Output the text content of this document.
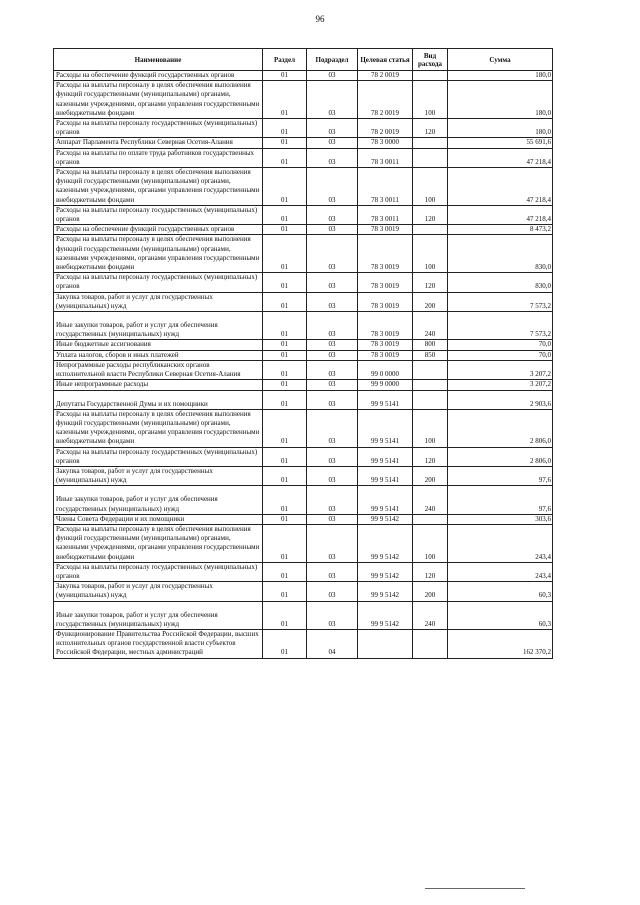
96
Наименование	Раздел	Подраздел	Целевая статья	Вид расхода	Сумма
Расходы на обеспечение функций государственных органов	01	03	78 2 0019		180,0
Расходы на выплаты персоналу в целях обеспечения выполнения функций государственными (муниципальными) органами, казенными учреждениями, органами управления государственными внебюджетными фондами	01	03	78 2 0019	100	180,0
Расходы на выплаты персоналу государственных (муниципальных) органов	01	03	78 2 0019	120	180,0
Аппарат Парламента Республики Северная Осетия-Алания	01	03	78 3 0000		55 691,6
Расходы на выплаты по оплате труда работников государственных органов	01	03	78 3 0011		47 218,4
Расходы на выплаты персоналу в целях обеспечения выполнения функций государственными (муниципальными) органами, казенными учреждениями, органами управления государственными внебюджетными фондами	01	03	78 3 0011	100	47 218,4
Расходы на выплаты персоналу государственных (муниципальных) органов	01	03	78 3 0011	120	47 218,4
Расходы на обеспечение функций государственных органов	01	03	78 3 0019		8 473,2
Расходы на выплаты персоналу в целях обеспечения выполнения функций государственными (муниципальными) органами, казенными учреждениями, органами управления государственными внебюджетными фондами	01	03	78 3 0019	100	830,0
Расходы на выплаты персоналу государственных (муниципальных) органов	01	03	78 3 0019	120	830,0
Закупка товаров, работ и услуг для государственных (муниципальных) нужд	01	03	78 3 0019	200	7 573,2
Иные закупки товаров, работ и услуг для обеспечения государственных (муниципальных) нужд	01	03	78 3 0019	240	7 573,2
Иные бюджетные ассигнования	01	03	78 3 0019	800	70,0
Уплата налогов, сборов и иных платежей	01	03	78 3 0019	850	70,0
Непрограммные расходы республиканских органов исполнительной власти Республики Северная Осетия-Алания	01	03	99 0 0000		3 207,2
Иные непрограммные расходы	01	03	99 9 0000		3 207,2
Депутаты Государственной Думы и их помощники	01	03	99 9 5141		2 903,6
Расходы на выплаты персоналу в целях обеспечения выполнения функций государственными (муниципальными) органами, казенными учреждениями, органами управления государственными внебюджетными фондами	01	03	99 9 5141	100	2 806,0
Расходы на выплаты персоналу государственных (муниципальных) органов	01	03	99 9 5141	120	2 806,0
Закупка товаров, работ и услуг для государственных (муниципальных) нужд	01	03	99 9 5141	200	97,6
Иные закупки товаров, работ и услуг для обеспечения государственных (муниципальных) нужд	01	03	99 9 5141	240	97,6
Члены Совета Федерации и их помощники	01	03	99 9 5142		303,6
Расходы на выплаты персоналу в целях обеспечения выполнения функций государственными (муниципальными) органами, казенными учреждениями, органами управления государственными внебюджетными фондами	01	03	99 9 5142	100	243,4
Расходы на выплаты персоналу государственных (муниципальных) органов	01	03	99 9 5142	120	243,4
Закупка товаров, работ и услуг для государственных (муниципальных) нужд	01	03	99 9 5142	200	60,3
Иные закупки товаров, работ и услуг для обеспечения государственных (муниципальных) нужд	01	03	99 9 5142	240	60,3
Функционирование Правительства Российской Федерации, высших исполнительных органов государственной власти субъектов Российской Федерации, местных администраций	01	04			162 370,2
